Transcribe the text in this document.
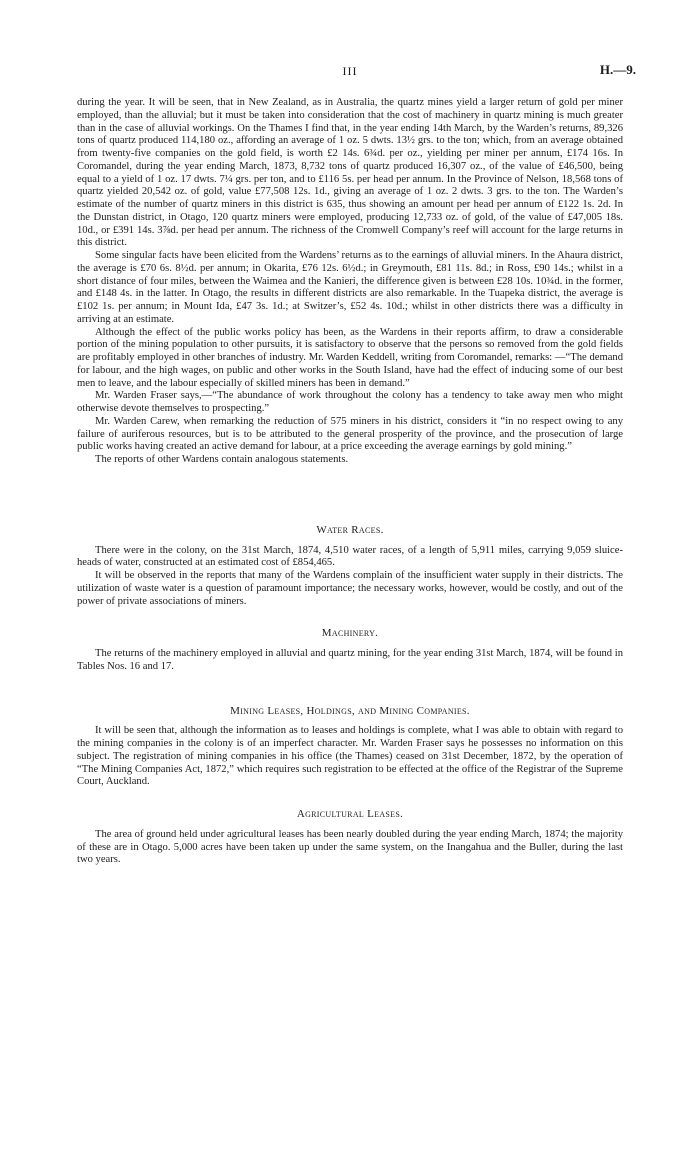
III	H.—9.

during the year. It will be seen, that in New Zealand, as in Australia, the quartz mines yield a larger return of gold per miner employed, than the alluvial; but it must be taken into consideration that the cost of machinery in quartz mining is much greater than in the case of alluvial workings. On the Thames I find that, in the year ending 14th March, by the Warden’s returns, 89,326 tons of quartz produced 114,180 oz., affording an average of 1 oz. 5 dwts. 13½ grs. to the ton; which, from an average obtained from twenty-five companies on the gold field, is worth £2 14s. 6¾d. per oz., yielding per miner per annum, £174 16s. In Coromandel, during the year ending March, 1873, 8,732 tons of quartz produced 16,307 oz., of the value of £46,500, being equal to a yield of 1 oz. 17 dwts. 7¼ grs. per ton, and to £116 5s. per head per annum. In the Province of Nelson, 18,568 tons of quartz yielded 20,542 oz. of gold, value £77,508 12s. 1d., giving an average of 1 oz. 2 dwts. 3 grs. to the ton. The Warden’s estimate of the number of quartz miners in this district is 635, thus showing an amount per head per annum of £122 1s. 2d. In the Dunstan district, in Otago, 120 quartz miners were employed, producing 12,733 oz. of gold, of the value of £47,005 18s. 10d., or £391 14s. 3⅞d. per head per annum. The richness of the Cromwell Company’s reef will account for the large returns in this district.

Some singular facts have been elicited from the Wardens’ returns as to the earnings of alluvial miners. In the Ahaura district, the average is £70 6s. 8½d. per annum; in Okarita, £76 12s. 6½d.; in Greymouth, £81 11s. 8d.; in Ross, £90 14s.; whilst in a short distance of four miles, between the Waimea and the Kanieri, the difference given is between £28 10s. 10¾d. in the former, and £148 4s. in the latter. In Otago, the results in different districts are also remarkable. In the Tuapeka district, the average is £102 1s. per annum; in Mount Ida, £47 3s. 1d.; at Switzer’s, £52 4s. 10d.; whilst in other districts there was a difficulty in arriving at an estimate.

Although the effect of the public works policy has been, as the Wardens in their reports affirm, to draw a considerable portion of the mining population to other pursuits, it is satisfactory to observe that the persons so removed from the gold fields are profitably employed in other branches of industry. Mr. Warden Keddell, writing from Coromandel, remarks: —“The demand for labour, and the high wages, on public and other works in the South Island, have had the effect of inducing some of our best men to leave, and the labour especially of skilled miners has been in demand.”

Mr. Warden Fraser says,—“The abundance of work throughout the colony has a tendency to take away men who might otherwise devote themselves to prospecting.”

Mr. Warden Carew, when remarking the reduction of 575 miners in his district, considers it “in no respect owing to any failure of auriferous resources, but is to be attributed to the general prosperity of the province, and the prosecution of large public works having created an active demand for labour, at a price exceeding the average earnings by gold mining.”

The reports of other Wardens contain analogous statements.

Water Races.

There were in the colony, on the 31st March, 1874, 4,510 water races, of a length of 5,911 miles, carrying 9,059 sluice-heads of water, constructed at an estimated cost of £854,465.

It will be observed in the reports that many of the Wardens complain of the insufficient water supply in their districts. The utilization of waste water is a question of paramount importance; the necessary works, however, would be costly, and out of the power of private associations of miners.

Machinery.

The returns of the machinery employed in alluvial and quartz mining, for the year ending 31st March, 1874, will be found in Tables Nos. 16 and 17.

Mining Leases, Holdings, and Mining Companies.

It will be seen that, although the information as to leases and holdings is complete, what I was able to obtain with regard to the mining companies in the colony is of an imperfect character. Mr. Warden Fraser says he possesses no information on this subject. The registration of mining companies in his office (the Thames) ceased on 31st December, 1872, by the operation of “The Mining Companies Act, 1872,” which requires such registration to be effected at the office of the Registrar of the Supreme Court, Auckland.

Agricultural Leases.

The area of ground held under agricultural leases has been nearly doubled during the year ending March, 1874; the majority of these are in Otago. 5,000 acres have been taken up under the same system, on the Inangahua and the Buller, during the last two years.
